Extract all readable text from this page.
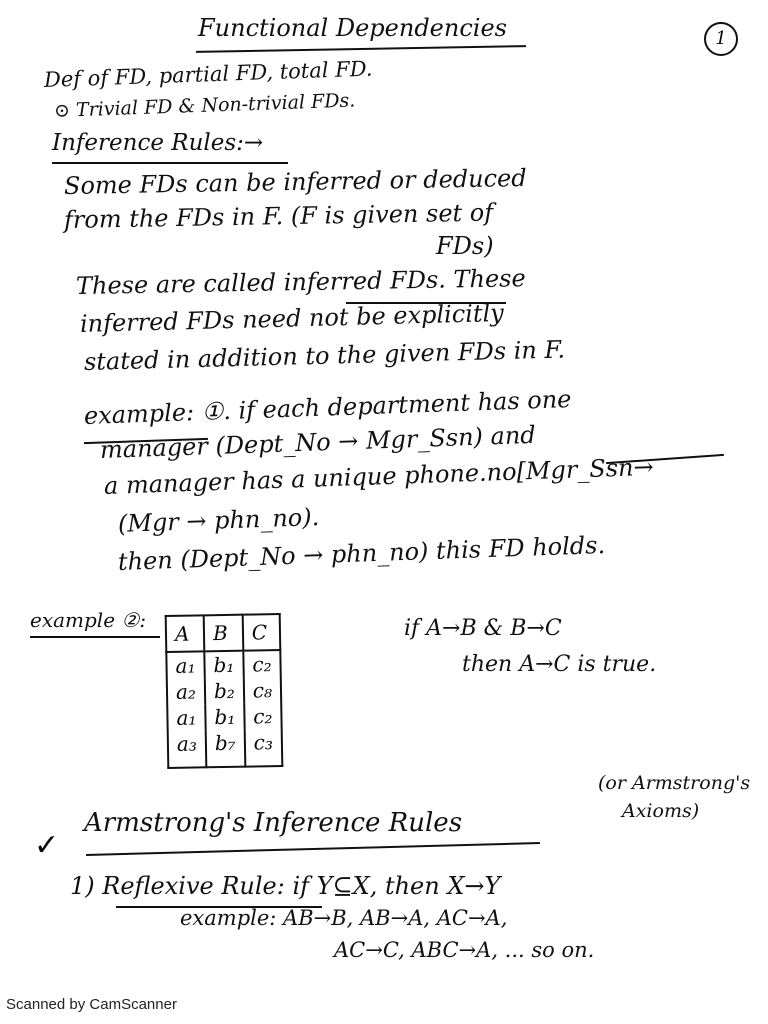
Functional Dependencies	1
Def of FD, partial FD, total FD.
⊙ Trivial FD & Non-trivial FDs.
Inference Rules:→
Some FDs can be inferred or deduced
from the FDs in F. (F is given set of
FDs)
These are called inferred FDs. These
inferred FDs need not be explicitly
stated in addition to the given FDs in F.
example: ①. if each department has one
manager (Dept_No → Mgr_Ssn) and
a manager has a unique phone.no[Mgr_Ssn→
(Mgr → phn_no).
then (Dept_No → phn_no) this FD holds.
example ②:
A	B	C
a₁	b₁	c₂
a₂	b₂	c₈
a₁	b₁	c₂
a₃	b₇	c₃
if A→B & B→C
then A→C is true.
✓
Armstrong's Inference Rules
(or Armstrong's
Axioms)
1) Reflexive Rule: if Y⊆X, then X→Y
example: AB→B, AB→A, AC→A,
AC→C, ABC→A, ... so on.
Scanned by CamScanner
